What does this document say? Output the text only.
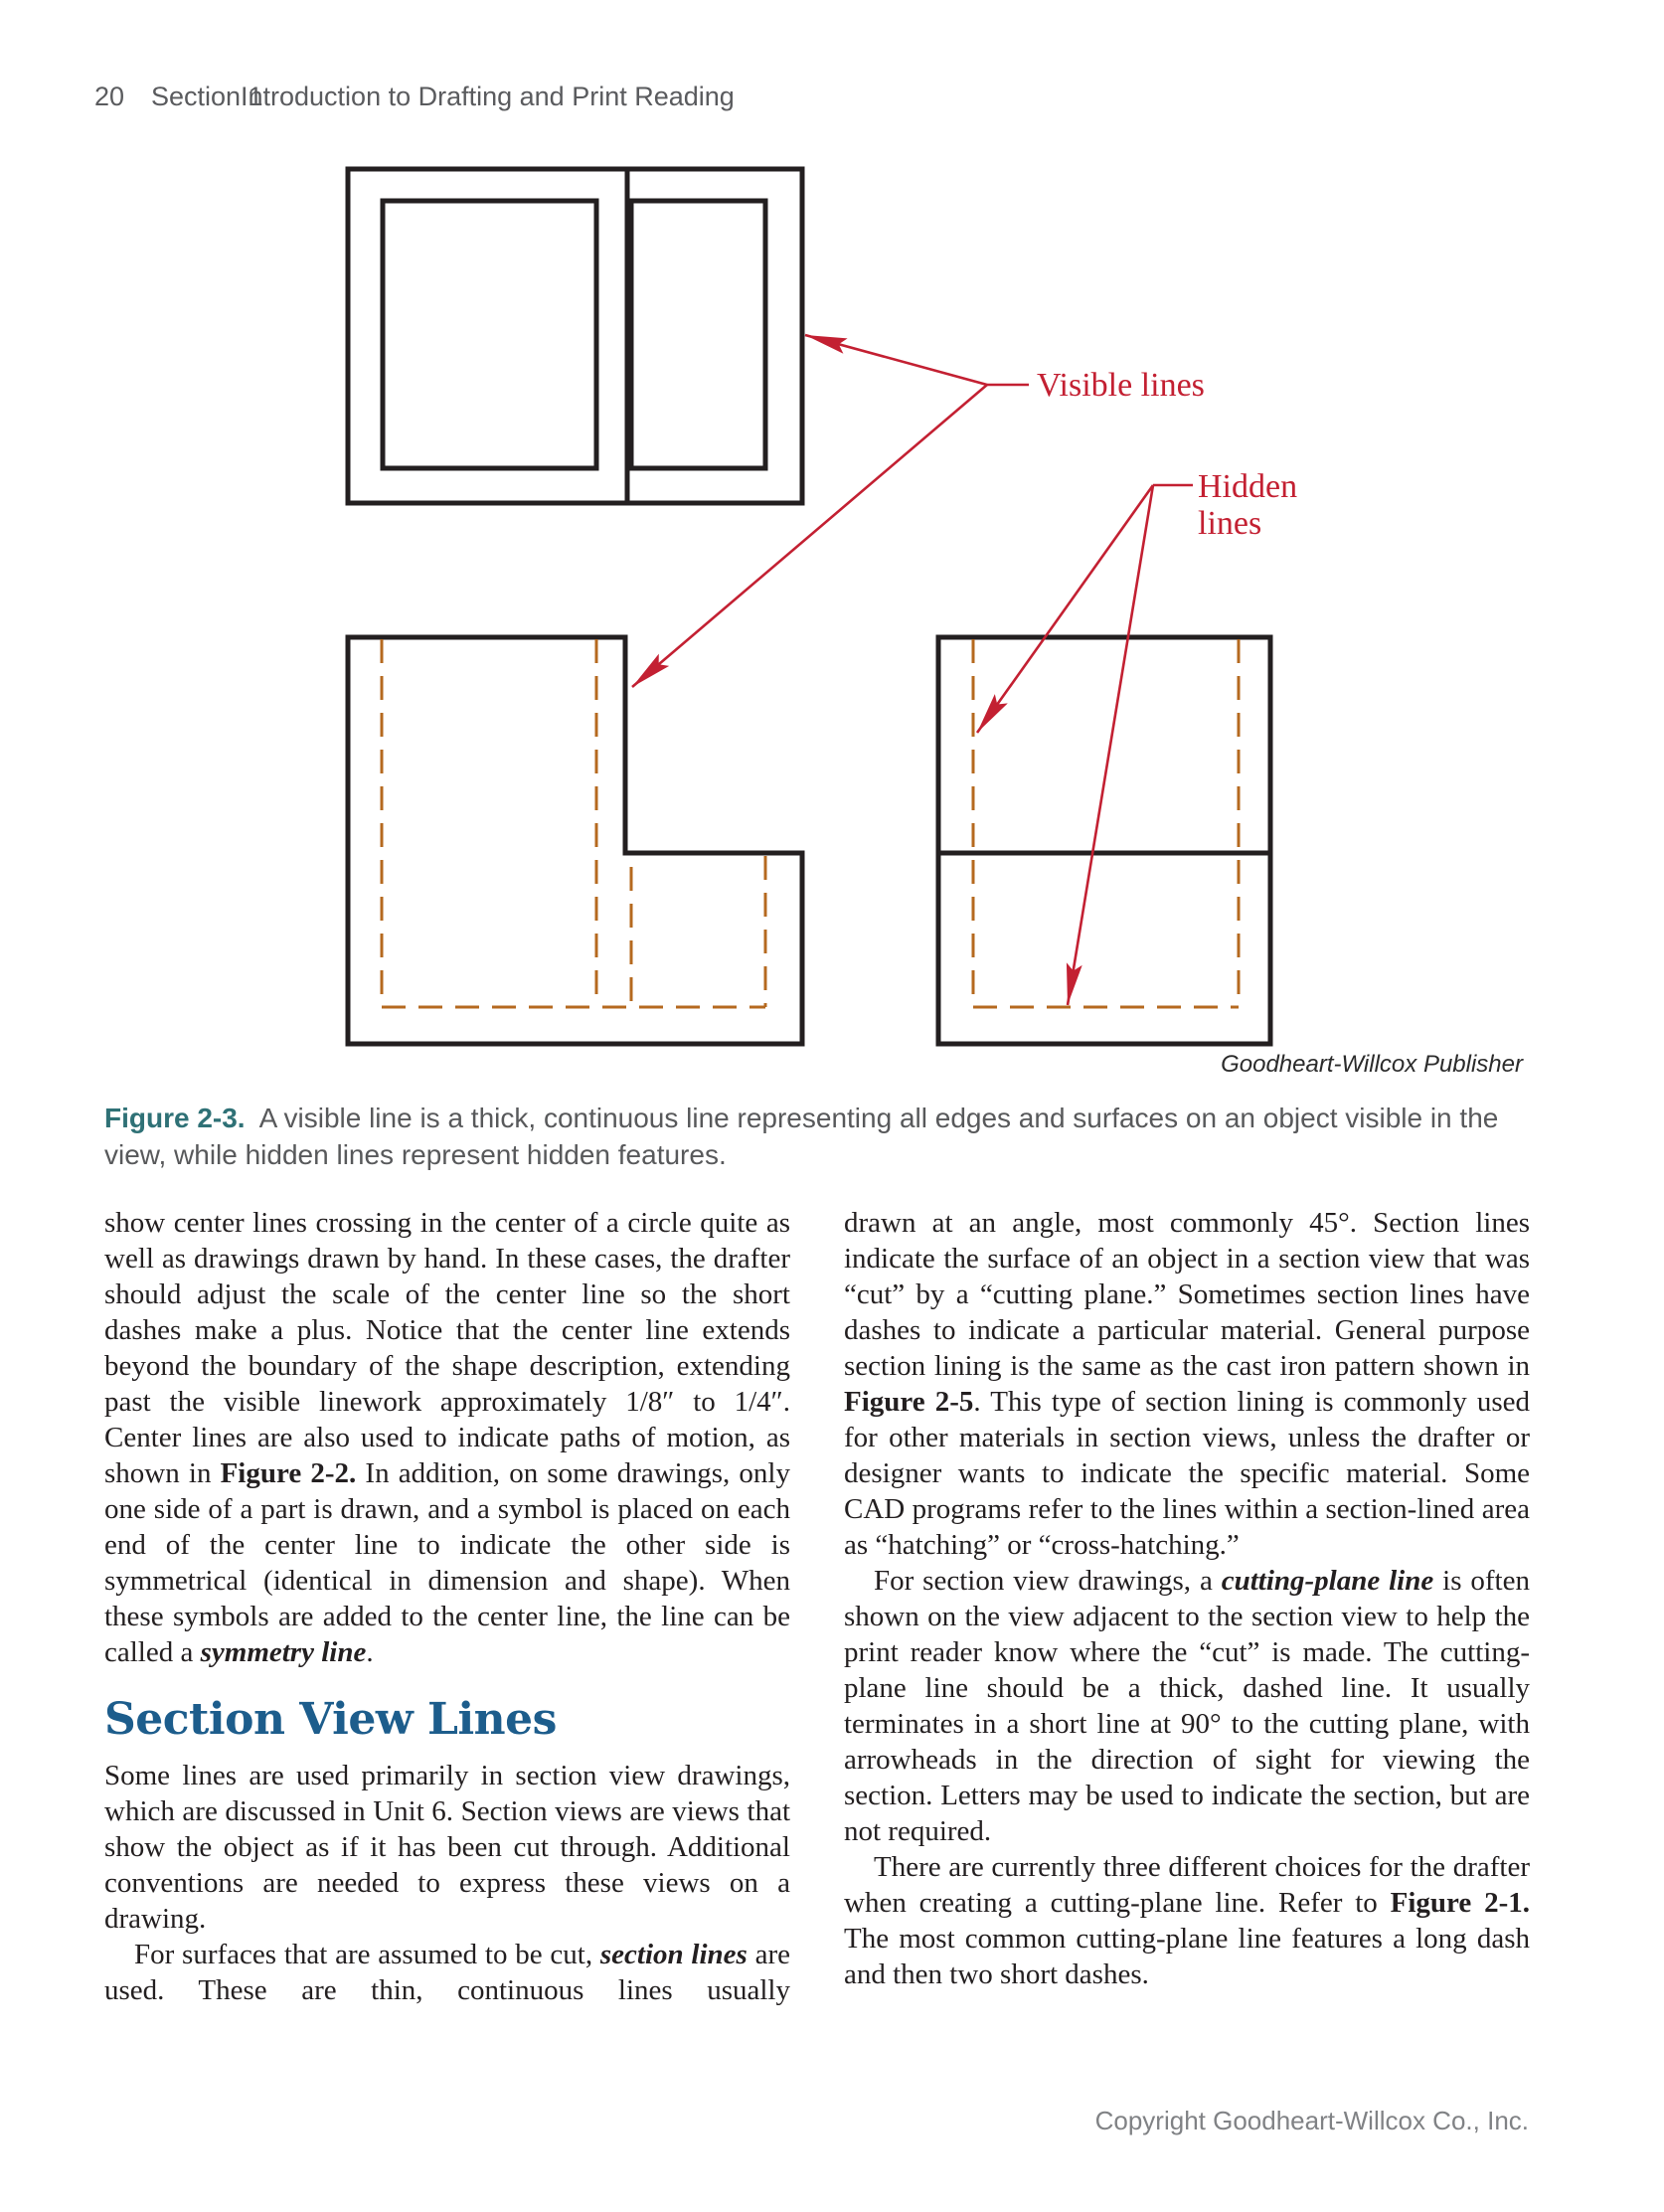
20 Section 1
Introduction to Drafting and Print Reading
Visible lines
Hidden
lines
Goodheart-Willcox Publisher
Figure 2-3. A visible line is a thick, continuous line representing all edges and surfaces on an object visible in the view, while hidden lines represent hidden features.

show center lines crossing in the center of a circle quite as well as drawings drawn by hand. In these cases, the drafter should adjust the scale of the center line so the short dashes make a plus. Notice that the center line extends beyond the boundary of the shape description, extending past the visible linework approximately 1/8″ to 1/4″. Center lines are also used to indicate paths of motion, as shown in Figure 2-2. In addition, on some drawings, only one side of a part is drawn, and a symbol is placed on each end of the center line to indicate the other side is symmetrical (identical in dimension and shape). When these symbols are added to the center line, the line can be called a symmetry line.

Section View Lines

Some lines are used primarily in section view drawings, which are discussed in Unit 6. Section views are views that show the object as if it has been cut through. Additional conventions are needed to express these views on a drawing.

For surfaces that are assumed to be cut, section lines are used. These are thin, continuous lines usually

drawn at an angle, most commonly 45°. Section lines indicate the surface of an object in a section view that was “cut” by a “cutting plane.” Sometimes section lines have dashes to indicate a particular material. General purpose section lining is the same as the cast iron pattern shown in Figure 2-5. This type of section lining is commonly used for other materials in section views, unless the drafter or designer wants to indicate the specific material. Some CAD programs refer to the lines within a section-lined area as “hatching” or “cross-hatching.”

For section view drawings, a cutting-plane line is often shown on the view adjacent to the section view to help the print reader know where the “cut” is made. The cutting-plane line should be a thick, dashed line. It usually terminates in a short line at 90° to the cutting plane, with arrowheads in the direction of sight for viewing the section. Letters may be used to indicate the section, but are not required.

There are currently three different choices for the drafter when creating a cutting-plane line. Refer to Figure 2-1. The most common cutting-plane line features a long dash and then two short dashes.

Copyright Goodheart-Willcox Co., Inc.
